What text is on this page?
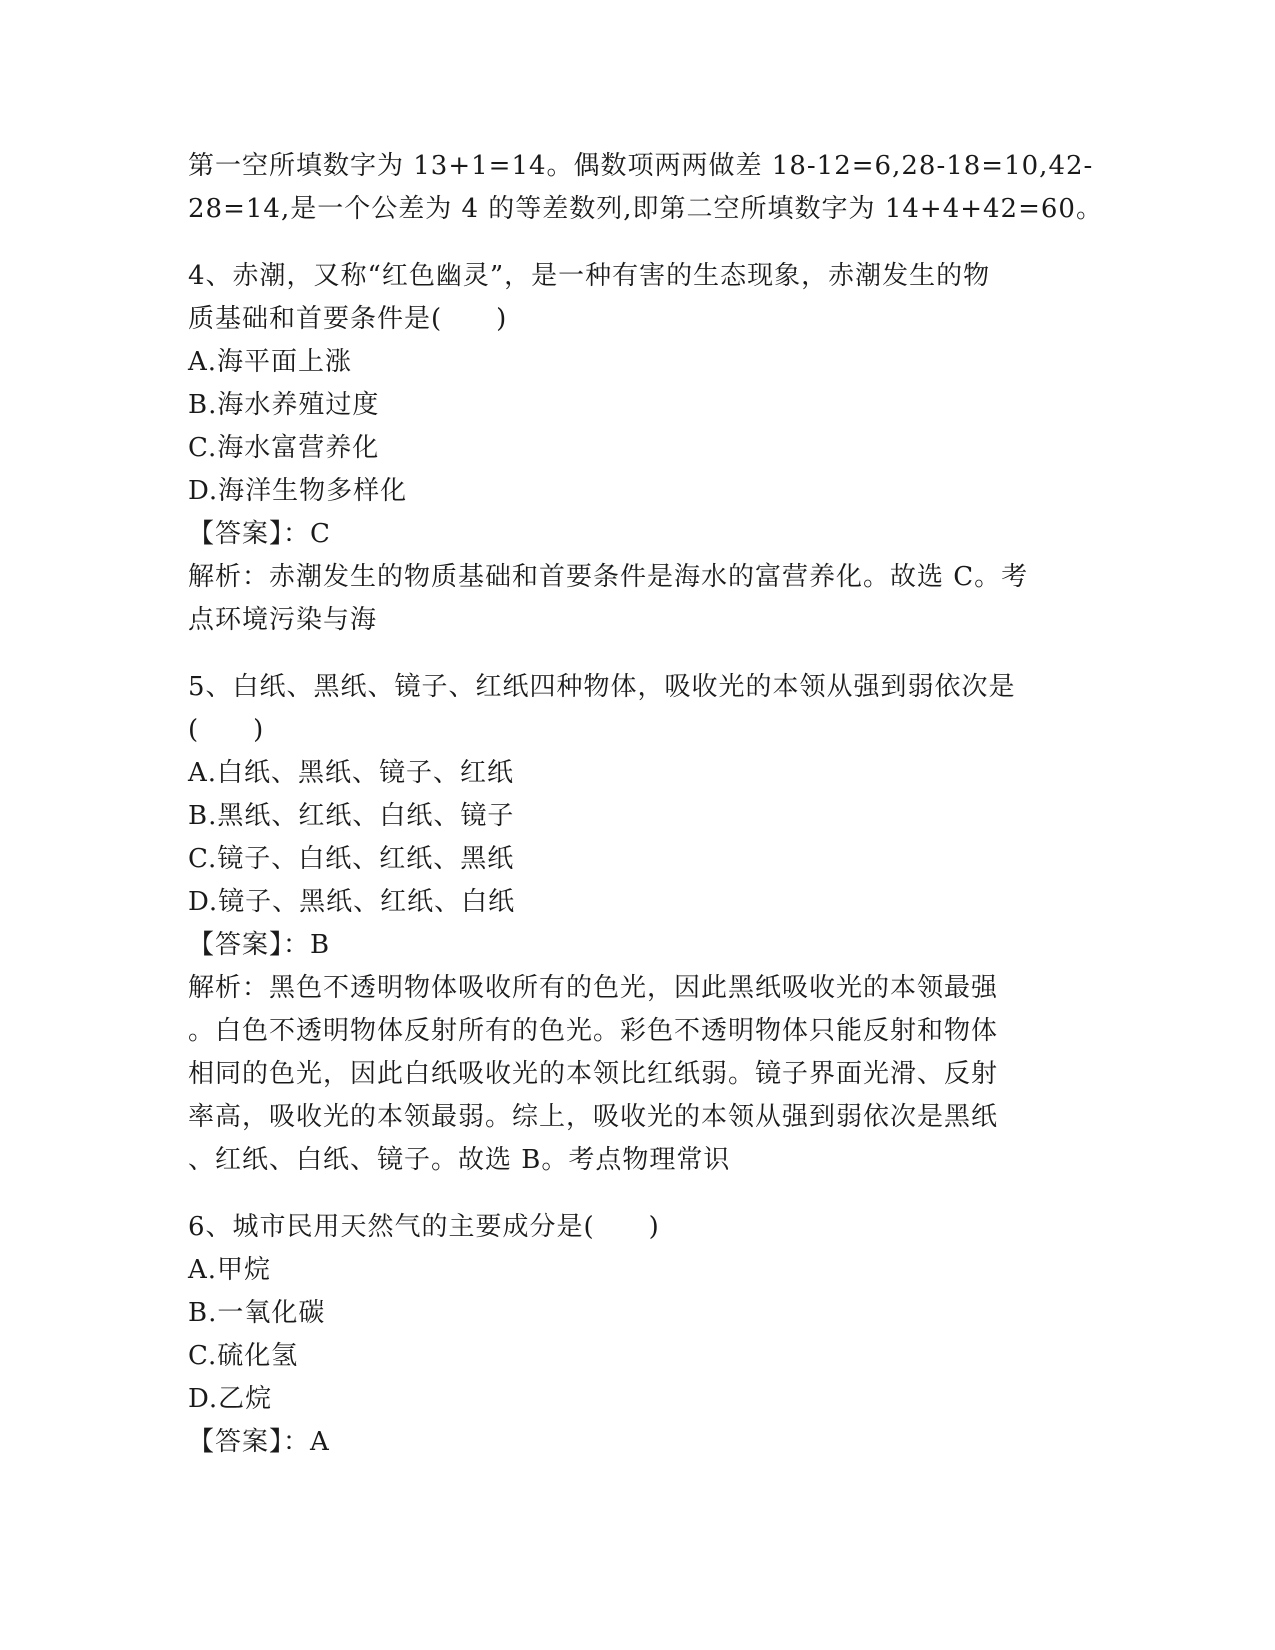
第一空所填数字为 13+1=14。偶数项两两做差 18-12=6,28-18=10,42-
28=14,是一个公差为 4 的等差数列,即第二空所填数字为 14+4+42=60。
4、赤潮，又称“红色幽灵”，是一种有害的生态现象，赤潮发生的物
质基础和首要条件是(　　)
A.海平面上涨
B.海水养殖过度
C.海水富营养化
D.海洋生物多样化
【答案】：C
解析：赤潮发生的物质基础和首要条件是海水的富营养化。故选 C。考
点环境污染与海
5、白纸、黑纸、镜子、红纸四种物体，吸收光的本领从强到弱依次是
(　　)
A.白纸、黑纸、镜子、红纸
B.黑纸、红纸、白纸、镜子
C.镜子、白纸、红纸、黑纸
D.镜子、黑纸、红纸、白纸
【答案】：B
解析：黑色不透明物体吸收所有的色光，因此黑纸吸收光的本领最强
。白色不透明物体反射所有的色光。彩色不透明物体只能反射和物体
相同的色光，因此白纸吸收光的本领比红纸弱。镜子界面光滑、反射
率高，吸收光的本领最弱。综上，吸收光的本领从强到弱依次是黑纸
、红纸、白纸、镜子。故选 B。考点物理常识
6、城市民用天然气的主要成分是(　　)
A.甲烷
B.一氧化碳
C.硫化氢
D.乙烷
【答案】：A
